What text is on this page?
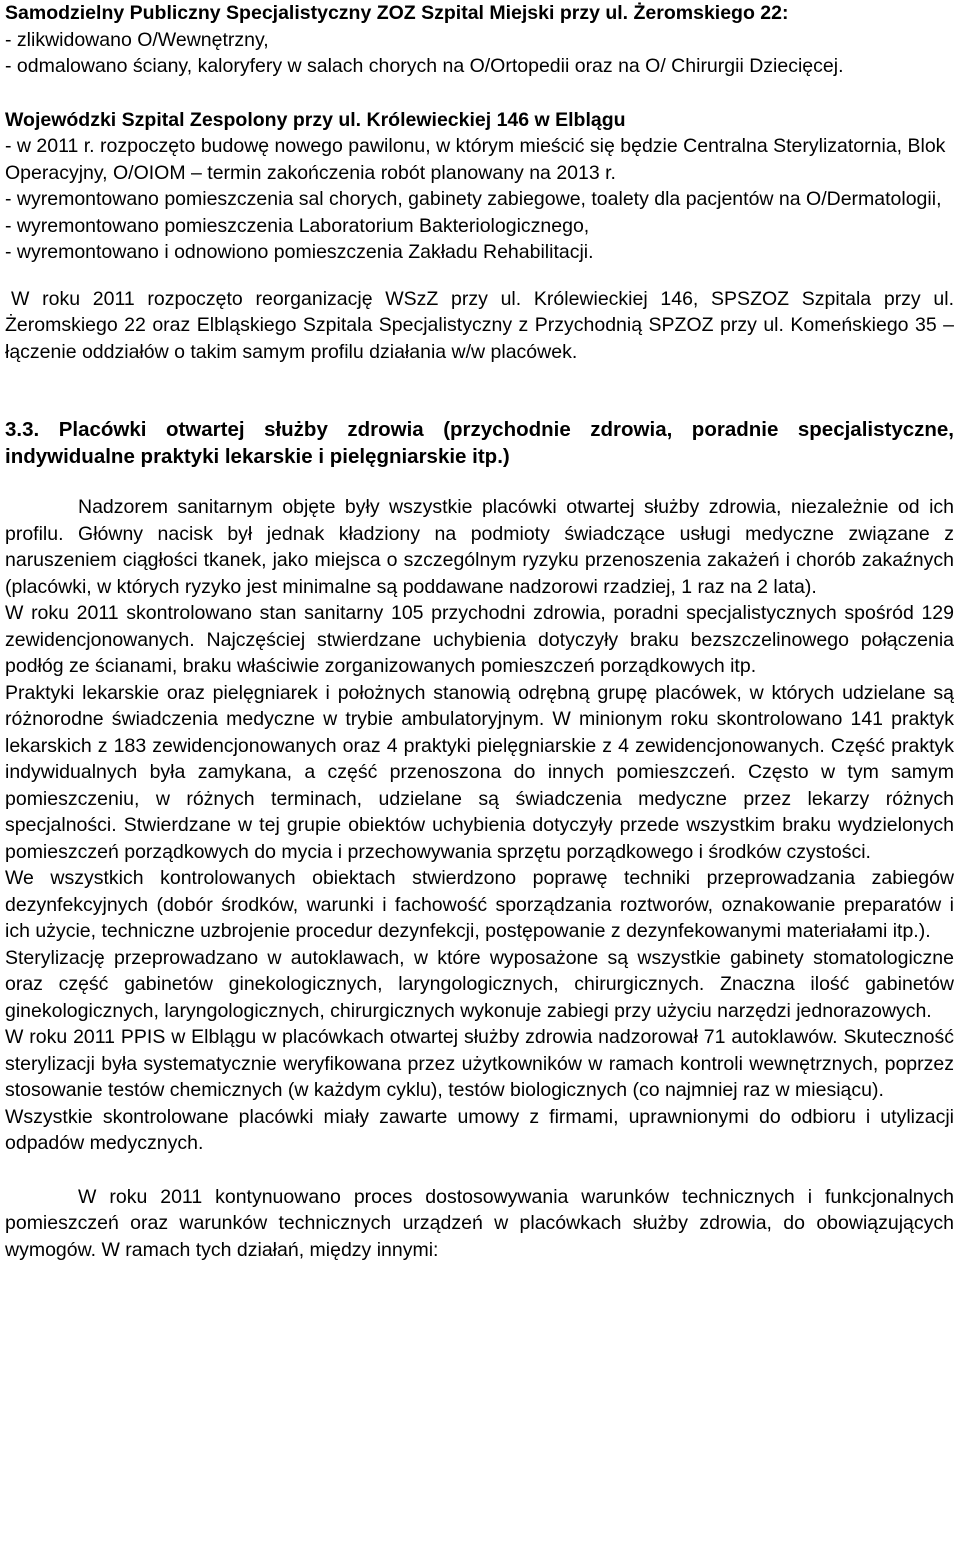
Samodzielny Publiczny Specjalistyczny ZOZ Szpital Miejski przy ul. Żeromskiego 22:

- zlikwidowano O/Wewnętrzny,

- odmalowano ściany, kaloryfery w salach chorych na O/Ortopedii oraz na O/ Chirurgii Dziecięcej.

Wojewódzki Szpital Zespolony przy ul. Królewieckiej 146 w Elblągu

- w 2011 r. rozpoczęto budowę nowego pawilonu, w którym mieścić się będzie Centralna Sterylizatornia, Blok Operacyjny, O/OIOM – termin zakończenia robót planowany na 2013 r.

- wyremontowano pomieszczenia sal chorych, gabinety zabiegowe, toalety dla pacjentów na O/Dermatologii,

- wyremontowano pomieszczenia Laboratorium Bakteriologicznego,

- wyremontowano i odnowiono pomieszczenia Zakładu Rehabilitacji.

W roku 2011 rozpoczęto reorganizację WSzZ przy ul. Królewieckiej 146, SPSZOZ Szpitala przy ul. Żeromskiego 22 oraz Elbląskiego Szpitala Specjalistyczny z Przychodnią SPZOZ przy ul. Komeńskiego 35 – łączenie oddziałów o takim samym profilu działania w/w placówek.

3.3. Placówki otwartej służby zdrowia (przychodnie zdrowia, poradnie specjalistyczne, indywidualne praktyki lekarskie i pielęgniarskie itp.)

Nadzorem sanitarnym objęte były wszystkie placówki otwartej służby zdrowia, niezależnie od ich profilu. Główny nacisk był jednak kładziony na podmioty świadczące usługi medyczne związane z naruszeniem ciągłości tkanek, jako miejsca o szczególnym ryzyku przenoszenia zakażeń i chorób zakaźnych (placówki, w których ryzyko jest minimalne są poddawane nadzorowi rzadziej, 1 raz na 2 lata).

W roku 2011 skontrolowano stan sanitarny 105 przychodni zdrowia, poradni specjalistycznych spośród 129 zewidencjonowanych. Najczęściej stwierdzane uchybienia dotyczyły braku bezszczelinowego połączenia podłóg ze ścianami, braku właściwie zorganizowanych pomieszczeń porządkowych itp.

Praktyki lekarskie oraz pielęgniarek i położnych stanowią odrębną grupę placówek, w których udzielane są różnorodne świadczenia medyczne w trybie ambulatoryjnym. W minionym roku skontrolowano 141 praktyk lekarskich z 183 zewidencjonowanych oraz 4 praktyki pielęgniarskie z 4 zewidencjonowanych. Część praktyk indywidualnych była zamykana, a część przenoszona do innych pomieszczeń. Często w tym samym pomieszczeniu, w różnych terminach, udzielane są świadczenia medyczne przez lekarzy różnych specjalności. Stwierdzane w tej grupie obiektów uchybienia dotyczyły przede wszystkim braku wydzielonych pomieszczeń porządkowych do mycia i przechowywania sprzętu porządkowego i środków czystości.

We wszystkich kontrolowanych obiektach stwierdzono poprawę techniki przeprowadzania zabiegów dezynfekcyjnych (dobór środków, warunki i fachowość sporządzania roztworów, oznakowanie preparatów i ich użycie, techniczne uzbrojenie procedur dezynfekcji, postępowanie z dezynfekowanymi materiałami itp.).

Sterylizację przeprowadzano w autoklawach, w które wyposażone są wszystkie gabinety stomatologiczne oraz część gabinetów ginekologicznych, laryngologicznych, chirurgicznych. Znaczna ilość gabinetów ginekologicznych, laryngologicznych, chirurgicznych wykonuje zabiegi przy użyciu narzędzi jednorazowych.

W roku 2011 PPIS w Elblągu w placówkach otwartej służby zdrowia nadzorował 71 autoklawów. Skuteczność sterylizacji była systematycznie weryfikowana przez użytkowników w ramach kontroli wewnętrznych, poprzez stosowanie testów chemicznych (w każdym cyklu), testów biologicznych (co najmniej raz w miesiącu).

Wszystkie skontrolowane placówki miały zawarte umowy z firmami, uprawnionymi do odbioru i utylizacji odpadów medycznych.

W roku 2011 kontynuowano proces dostosowywania warunków technicznych i funkcjonalnych pomieszczeń oraz warunków technicznych urządzeń w placówkach służby zdrowia, do obowiązujących wymogów. W ramach tych działań, między innymi:
